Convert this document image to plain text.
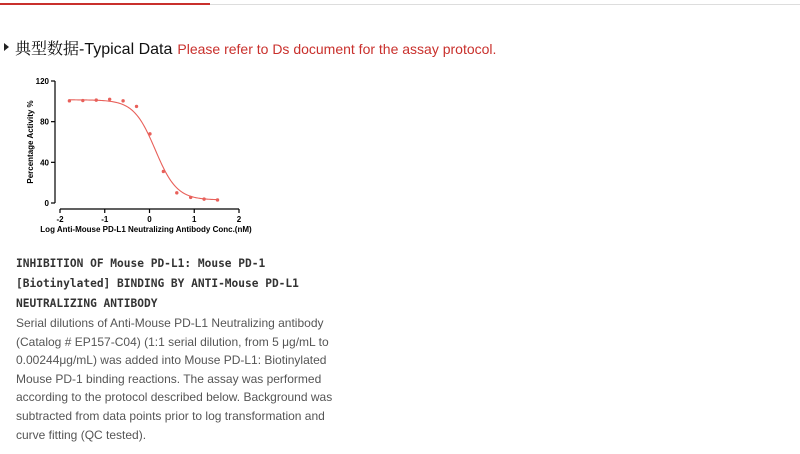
典型数据-Typical Data Please refer to Ds document for the assay protocol.
0
40
80
120
-2	-1	0	1	2
Percentage Activity %
Log Anti-Mouse PD-L1 Neutralizing Antibody Conc.(nM)

INHIBITION OF Mouse PD-L1: Mouse PD-1 [Biotinylated] BINDING BY ANTI-Mouse PD-L1 NEUTRALIZING ANTIBODY

Serial dilutions of Anti-Mouse PD-L1 Neutralizing antibody (Catalog # EP157-C04) (1:1 serial dilution, from 5 μg/mL to 0.00244μg/mL) was added into Mouse PD-L1: Biotinylated Mouse PD-1 binding reactions. The assay was performed according to the protocol described below. Background was subtracted from data points prior to log transformation and curve fitting (QC tested).
